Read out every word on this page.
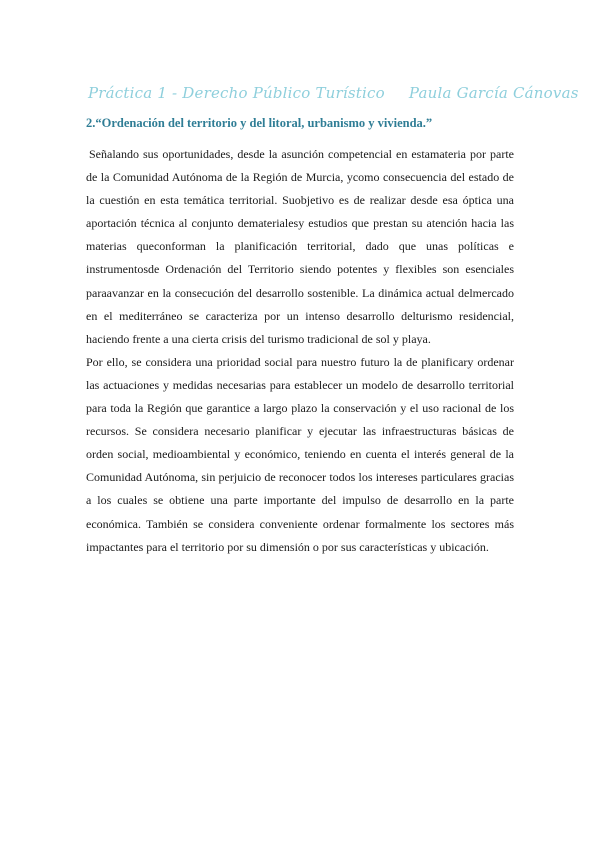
Práctica 1 - Derecho Público Turístico Paula García Cánovas
2.“Ordenación del territorio y del litoral, urbanismo y vivienda.”

Señalando sus oportunidades, desde la asunción competencial en estamateria por parte de la Comunidad Autónoma de la Región de Murcia, ycomo consecuencia del estado de la cuestión en esta temática territorial. Suobjetivo es de realizar desde esa óptica una aportación técnica al conjunto dematerialesy estudios que prestan su atención hacia las materias queconforman la planificación territorial, dado que unas políticas e instrumentosde Ordenación del Territorio siendo potentes y flexibles son esenciales paraavanzar en la consecución del desarrollo sostenible. La dinámica actual delmercado en el mediterráneo se caracteriza por un intenso desarrollo delturismo residencial, haciendo frente a una cierta crisis del turismo tradicional de sol y playa.

Por ello, se considera una prioridad social para nuestro futuro la de planificary ordenar las actuaciones y medidas necesarias para establecer un modelo de desarrollo territorial para toda la Región que garantice a largo plazo la conservación y el uso racional de los recursos. Se considera necesario planificar y ejecutar las infraestructuras básicas de orden social, medioambiental y económico, teniendo en cuenta el interés general de la Comunidad Autónoma, sin perjuicio de reconocer todos los intereses particulares gracias a los cuales se obtiene una parte importante del impulso de desarrollo en la parte económica. También se considera conveniente ordenar formalmente los sectores más impactantes para el territorio por su dimensión o por sus características y ubicación.
